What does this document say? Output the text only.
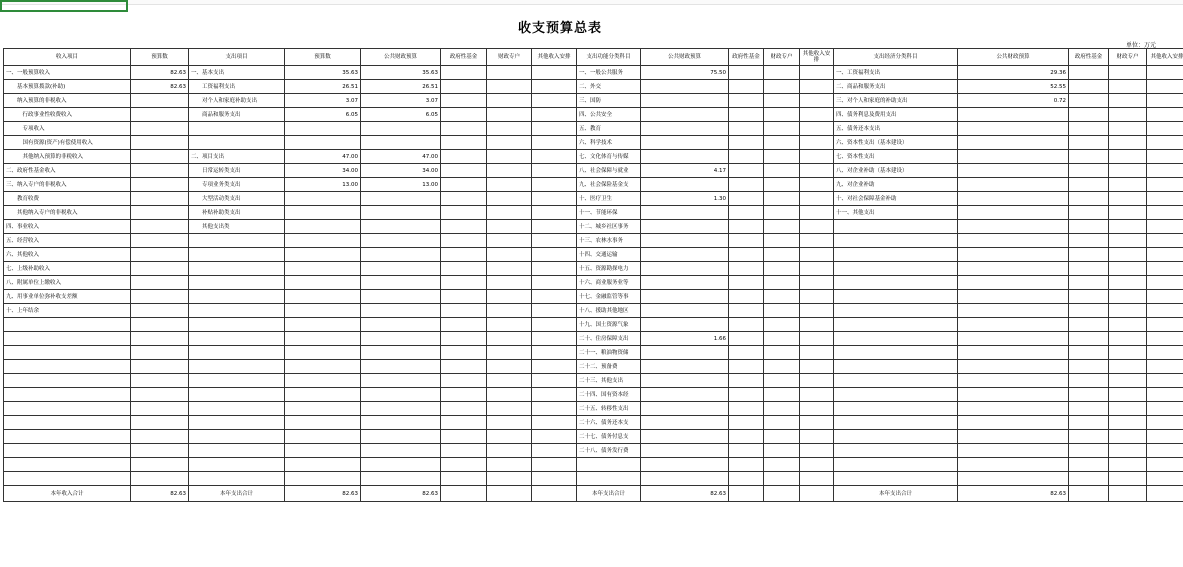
收支预算总表
单位：万元
收入项目	预算数	支出项目	预算数	公共财政预算	政府性基金	财政专户	其他收入安排	支出功能分类科目	公共财政预算	政府性基金	财政专户	其他收入安排	支出经济分类科目	公共财政预算	政府性基金	财政专户	其他收入安排
一、一般预算收入	82.63	一、基本支出	35.63	35.63				一、一般公共服务	75.50				一、工资福利支出	29.36			
　　基本预算拨款(补助)	82.63	　　工资福利支出	26.51	26.51				二、外交					二、商品和服务支出	52.55			
　　纳入预算的非税收入		　　对个人和家庭补助支出	3.07	3.07				三、国防					三、对个人和家庭的补助支出	0.72			
　　　行政事业性收费收入		　　商品和服务支出	6.05	6.05				四、公共安全					四、债务利息及费用支出				
　　　专项收入								五、教育					五、债务还本支出				
　　　国有资源(资产)有偿使用收入								六、科学技术					六、资本性支出（基本建设）				
　　　其他纳入预算的非税收入		二、项目支出	47.00	47.00				七、文化体育与传媒					七、资本性支出				
二、政府性基金收入		　　日常运转类支出	34.00	34.00				八、社会保障与就业	4.17				八、对企业补助（基本建设）				
三、纳入专户的非税收入		　　专项业务类支出	13.00	13.00				九、社会保险基金支					九、对企业补助				
　　教育收费		　　大型活动类支出						十、医疗卫生	1.30				十、对社会保障基金补助				
　　其他纳入专户的非税收入		　　补贴补助类支出						十一、节能环保					十一、其他支出				
四、事业收入		　　其他支出类						十二、城乡社区事务									
五、经营收入								十三、农林水事务									
六、其他收入								十四、交通运输									
七、上级补助收入								十五、资源勘探电力									
八、附属单位上缴收入								十六、商业服务业等									
九、用事业单位弥补收支差额								十七、金融监管等事									
十、上年结余								十八、援助其他地区									
								十九、国土资源气象									
								二十、住房保障支出	1.66								
								二十一、粮油物资储									
								二十二、预备费									
								二十三、其他支出									
								二十四、国有资本经									
								二十五、转移性支出									
								二十六、债务还本支									
								二十七、债务付息支									
								二十八、债务发行费									

本年收入合计	82.63	本年支出合计	82.63	82.63				本年支出合计	82.63				本年支出合计	82.63			
